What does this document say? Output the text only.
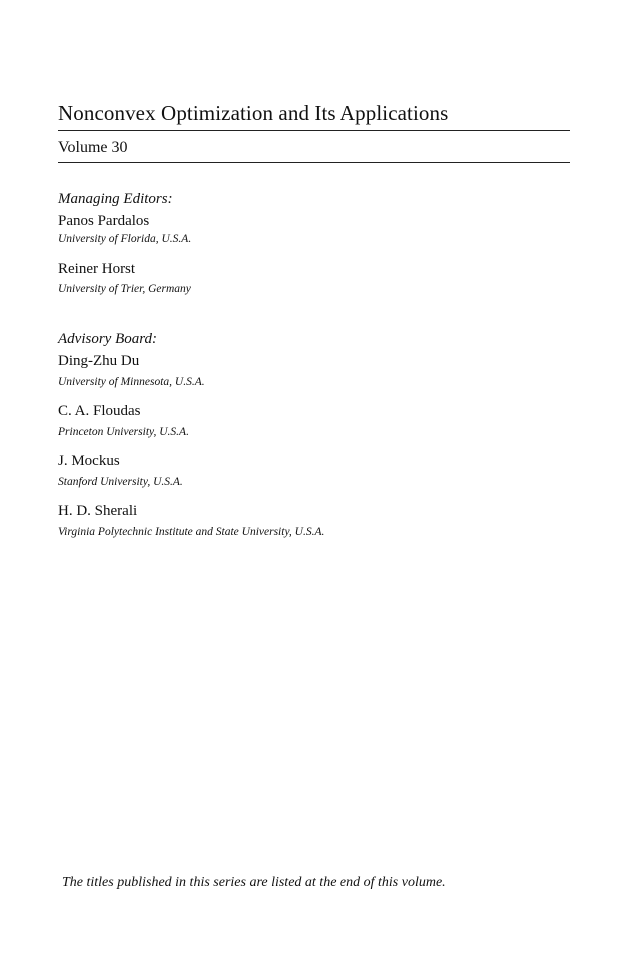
Nonconvex Optimization and Its Applications
Volume 30
Managing Editors:
Panos Pardalos
University of Florida, U.S.A.
Reiner Horst
University of Trier, Germany
Advisory Board:
Ding-Zhu Du
University of Minnesota, U.S.A.
C. A. Floudas
Princeton University, U.S.A.
J. Mockus
Stanford University, U.S.A.
H. D. Sherali
Virginia Polytechnic Institute and State University, U.S.A.
The titles published in this series are listed at the end of this volume.
